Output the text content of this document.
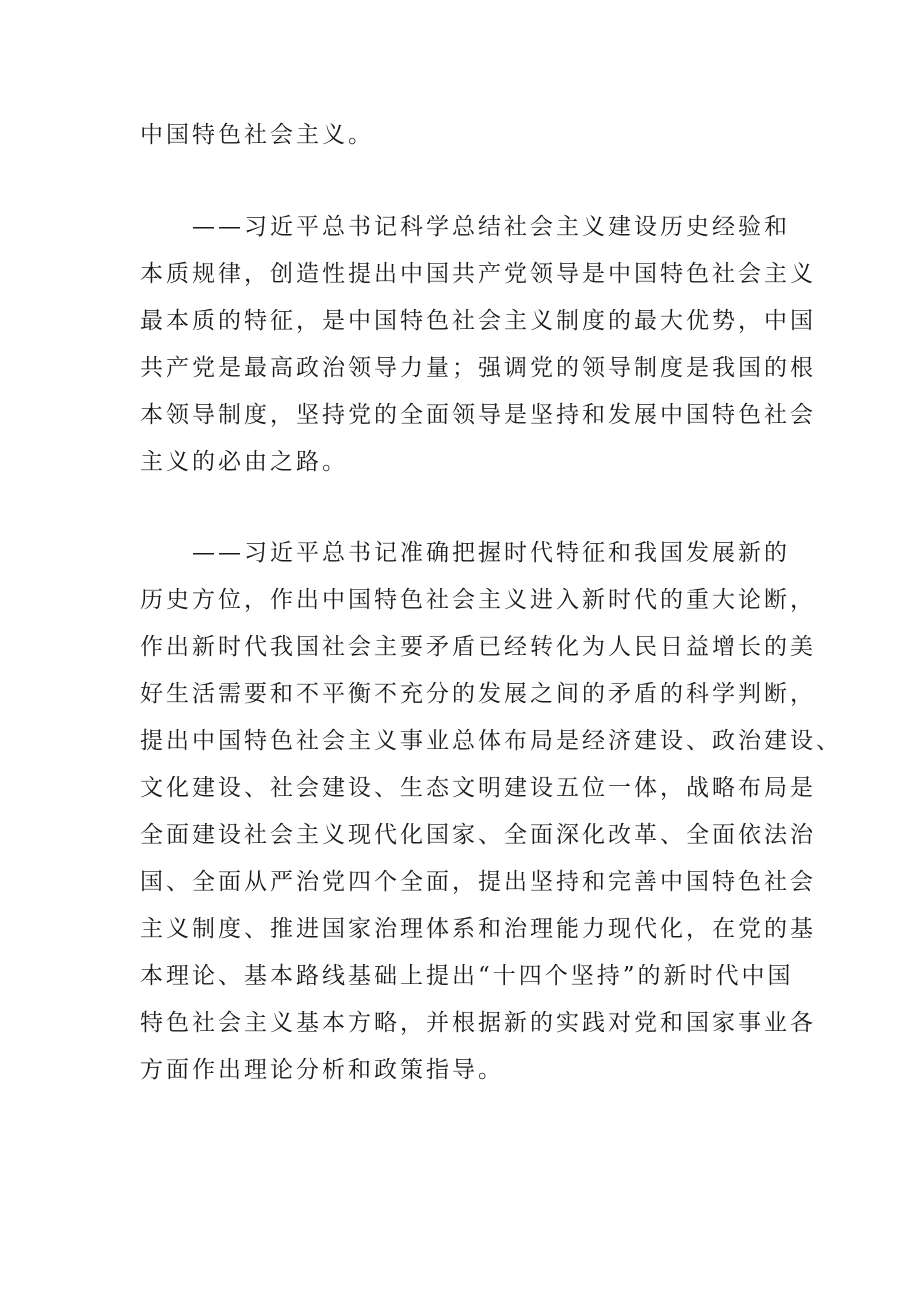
中国特色社会主义。

——习近平总书记科学总结社会主义建设历史经验和
本质规律，创造性提出中国共产党领导是中国特色社会主义
最本质的特征，是中国特色社会主义制度的最大优势，中国
共产党是最高政治领导力量；强调党的领导制度是我国的根
本领导制度，坚持党的全面领导是坚持和发展中国特色社会
主义的必由之路。

——习近平总书记准确把握时代特征和我国发展新的
历史方位，作出中国特色社会主义进入新时代的重大论断，
作出新时代我国社会主要矛盾已经转化为人民日益增长的美
好生活需要和不平衡不充分的发展之间的矛盾的科学判断，
提出中国特色社会主义事业总体布局是经济建设、政治建设、
文化建设、社会建设、生态文明建设五位一体，战略布局是
全面建设社会主义现代化国家、全面深化改革、全面依法治
国、全面从严治党四个全面，提出坚持和完善中国特色社会
主义制度、推进国家治理体系和治理能力现代化，在党的基
本理论、基本路线基础上提出“十四个坚持”的新时代中国
特色社会主义基本方略，并根据新的实践对党和国家事业各
方面作出理论分析和政策指导。
